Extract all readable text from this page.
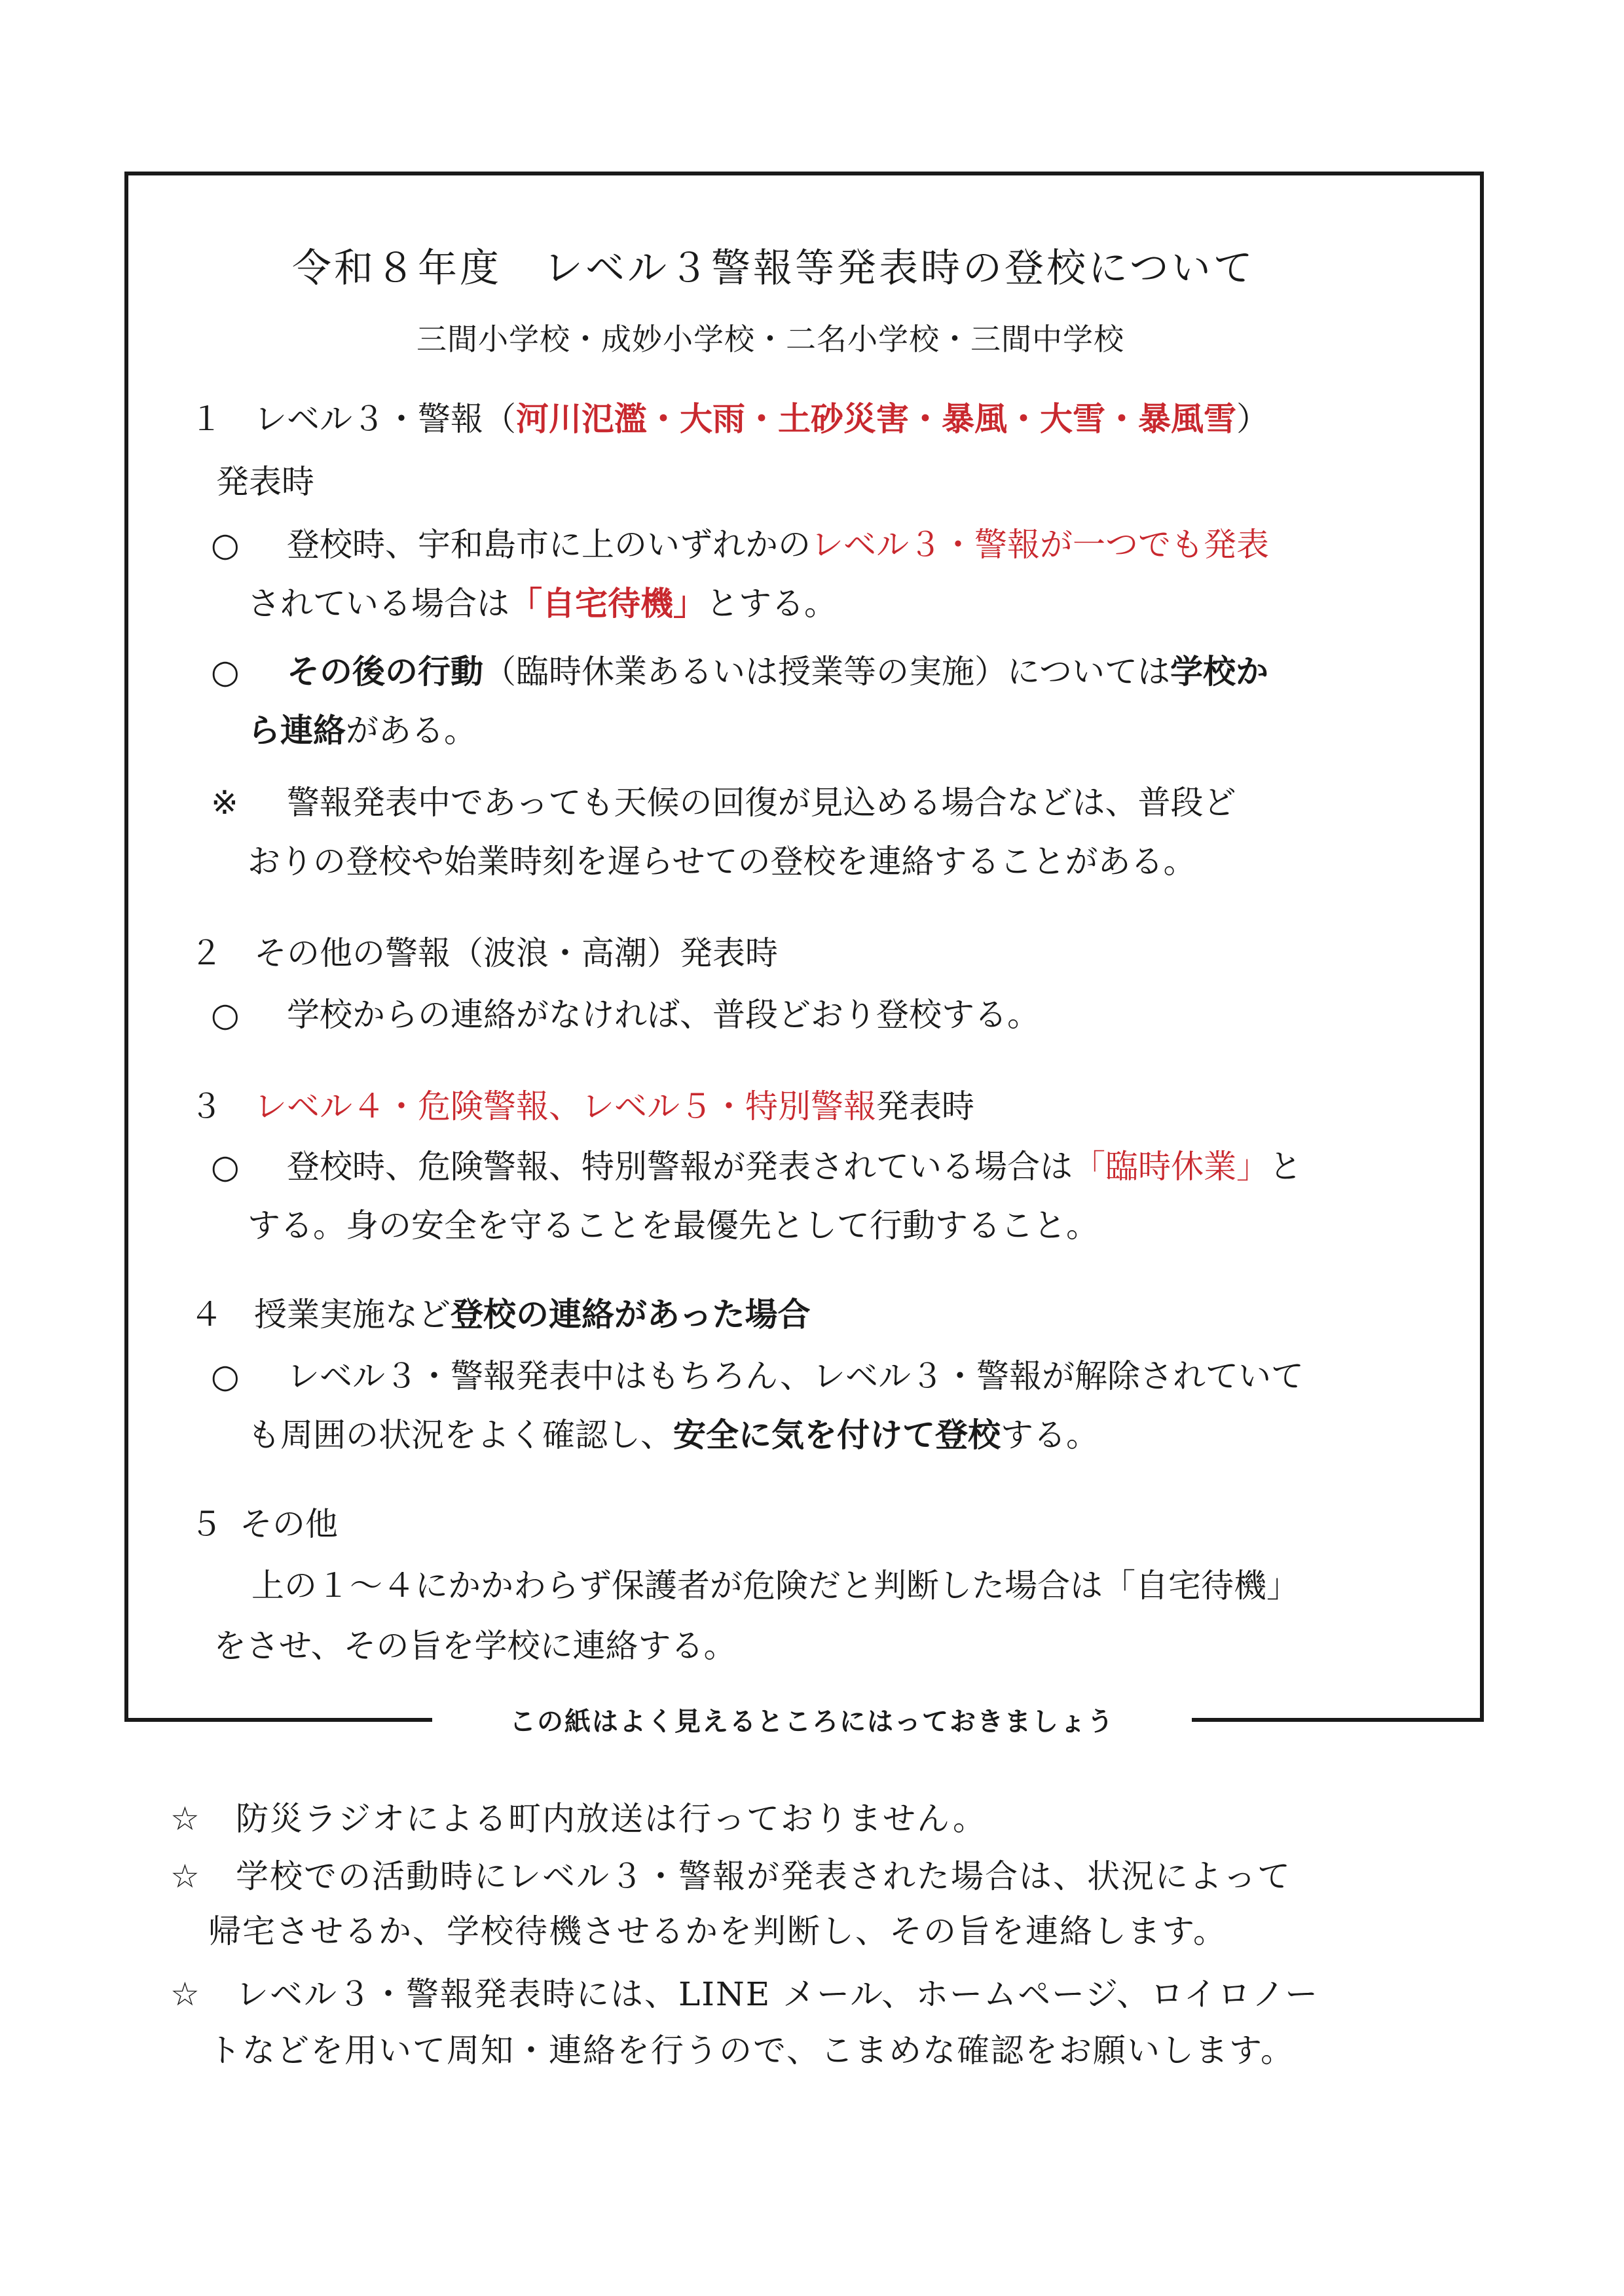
令和８年度　レベル３警報等発表時の登校について
三間小学校・成妙小学校・二名小学校・三間中学校
１ レベル３・警報（河川氾濫・大雨・土砂災害・暴風・大雪・暴風雪）
発表時
○ 登校時、宇和島市に上のいずれかのレベル３・警報が一つでも発表
されている場合は「自宅待機」とする。
○ その後の行動（臨時休業あるいは授業等の実施）については学校か
ら連絡がある。
※ 警報発表中であっても天候の回復が見込める場合などは、普段ど
おりの登校や始業時刻を遅らせての登校を連絡することがある。
２ その他の警報（波浪・高潮）発表時
○ 学校からの連絡がなければ、普段どおり登校する。
３ レベル４・危険警報、レベル５・特別警報発表時
○ 登校時、危険警報、特別警報が発表されている場合は「臨時休業」と
する。身の安全を守ることを最優先として行動すること。
４ 授業実施など登校の連絡があった場合
○ レベル３・警報発表中はもちろん、レベル３・警報が解除されていて
も周囲の状況をよく確認し、安全に気を付けて登校する。
５ その他
上の１～４にかかわらず保護者が危険だと判断した場合は「自宅待機」
をさせ、その旨を学校に連絡する。
この紙はよく見えるところにはっておきましょう
☆ 防災ラジオによる町内放送は行っておりません。
☆ 学校での活動時にレベル３・警報が発表された場合は、状況によって
帰宅させるか、学校待機させるかを判断し、その旨を連絡します。
☆ レベル３・警報発表時には、LINE メール、ホームページ、ロイロノー
トなどを用いて周知・連絡を行うので、こまめな確認をお願いします。
